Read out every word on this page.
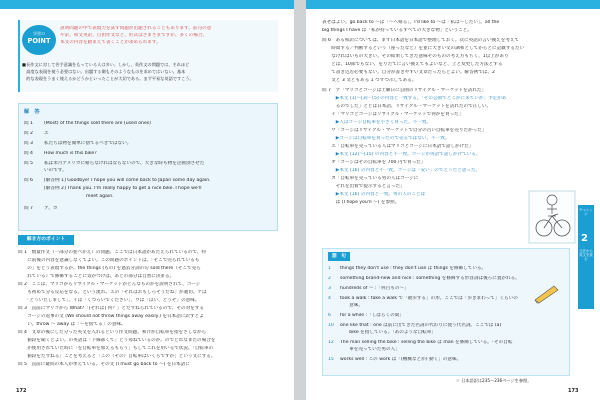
学習の
POINT
説明問題の中で表現力を試す問題が出題されることもあります。前句の意
や訳、和文英訳、自由作文など、形式はさまざまですが、多くの場合、
本文の内容を踏まえて書くことが求められます。
■長作文に対して苦手意識をもっている人は多い。しかし、英作文の問題では、それほど
　高度な表現を使う必要はない。出題する側もそのようなものを求めてはいない。基本
　的な表現をうまく使えるかどうかといったことが大切である。まず平易な英語ですこう。
解　答
問 1 (Most) of the things sold there are (used ones)
問 2 エ
問 3 私たちは物を簡単に捨てるべきではない。
問 4 How much is this bike?
問 5 私は米月アメリカに帰らなければならないので、大きな時も物を企画別させた
いのです。
問 6 [解答例 1] Goodbye! I hope you will come back to Japan some day again.
[解答例 2] Thank you. I'm really happy to get a nice bike. I hope we'll
meet again.
問 7 ア、カ
解き方のポイント
問 1　数量作文（一部分の並べかえ）の問題。ここでは日本語があたえられているので、特
　　に前後の内容を意識しなくてよい。この問題のポイントは、「そこで売られているも
　　の」をどう表現するか。the things (もの) を過去分詞の句 sold there（そこで売ら
　　れている）で修飾することに気がつけば、あとの部分は自然に決まる。
問 2　ここは、マリコからリサイクル・マーケットがどんなものかを説明されて、コージ
　　も初めて分る反応をなる。という流れ。エの「それはおもしろそうだね」が適切。アは
　　「どういたしまして」、イは「くつろいでください」、ウは「はい、どうぞ」の意味。
問 3　直前にマリコから What?「[それは] 何？」とたずねられているので、その対をする
　　コージの返事の文 (We should not throw things away easily.) を日本語に訳すとよ
　　い。throw ～ away は「～を捨てる」の意味。
問 4　文章の後にした分った英文を入れるという作文問題。和介が自転車を指をさしながら
　　値段を聞くとよい。の英語は「下線部くて」どう尋ねているのか。のでどれなまたの場合を
　　が使用されていた時に「を自転車を加えるもらう」もしてこれを用いるで状況、「自転車の
　　値段をたずねる」ことを考えると「この（その）自転車はいくらですか」という文にする。
問 5　直前に疑問の本人が挙えている。その文 (I must go back to ～) を日本語に
172
表せばよい。go back to ～は「～へ帰る」。I'd like to ～は「私は～したい」。all the
big things I have は「私が持っているすべての大きな物」ということ。
問 6　ある和訳については、まず日本語を日本語で整理しておく。次に英語の言い換えを考えて
　　時間する／判断するという（座ったなど）を並に大きい文の調和としてからとに記載するたい
　　なければいもの大きい。その結果してきた意味そのものの考え方もちく、1以上があり
　　とは、10部でもない、をりたてに言い換えてもよいなど、上と変更した方法とする
　　て書き込む必要もない。自分が書きやすい文章だったらとよい。解答例では、2
　　文と 3 文ともある 1 つずつ示してある。
問 7　ア「マリコとコージは土曜日に公園のリサイクル・マーケットを訪れた」
　　　▶本文 [1]～[3]・[5] の内容と一致する。「その公園でどこかに来ていか」予定があ
　　　るのでした」とどは日本語、リサイクル・マーケットを訪れたので正しい。
　　イ「マリコとコージはリサイクル・マーケットで何かを買った」
　　　▶人はコージ自転車を小さく買った。不一致。
　　ウ「コージはリサイクル・マーケットで自分の古い自転車を売りたかった」
　　　▶コージは自転車を買ったので売るではない。不一致。
　　エ「自転車を売っている人はマリコとコージに日本語で話しかけた」
　　　▶本文 [12]～[15] の内容と不一致。コージが英語で話しかけている。
　　オ「コージはその自転車を 700 円で買った」
　　　▶本文 [16] の内容と不一致。コージは「安い」のでどうだと思った。
　　カ「自転車を売っている男の人はコージに
　　　それを出費で提示すると言った」
　　　▶本文 [16] の内容と一致。男の人のことば
　　　ば (I hope you'll ～) を参照。
チャレンジ
2
文法から英文を読む
語　句
1 things they don't use : they don't use は things を修飾している。
2 something brand-new and nice : something を修飾する形容詞は後ろに置かれる。
3 hundreds of ～ :「何百もの～」
4 took a walk : take a walk で「散歩する」の形。ここでは「歩きまわって」くらいの
　　意味。
6 for a while :「しばらくの間」
10 one like that : one は前に出てきた名詞の代わりに使う代名詞。ここでは (a)
　　bike を指している。「あのような自転車」
12 The man selling the bike : selling the bike は man を修飾している。「その自転
　　車を売っていた男の人」
15 works well : この work は「(機械などが) 動く」の意味。
☞ 日本語訳は235～236ページを参照。
173
